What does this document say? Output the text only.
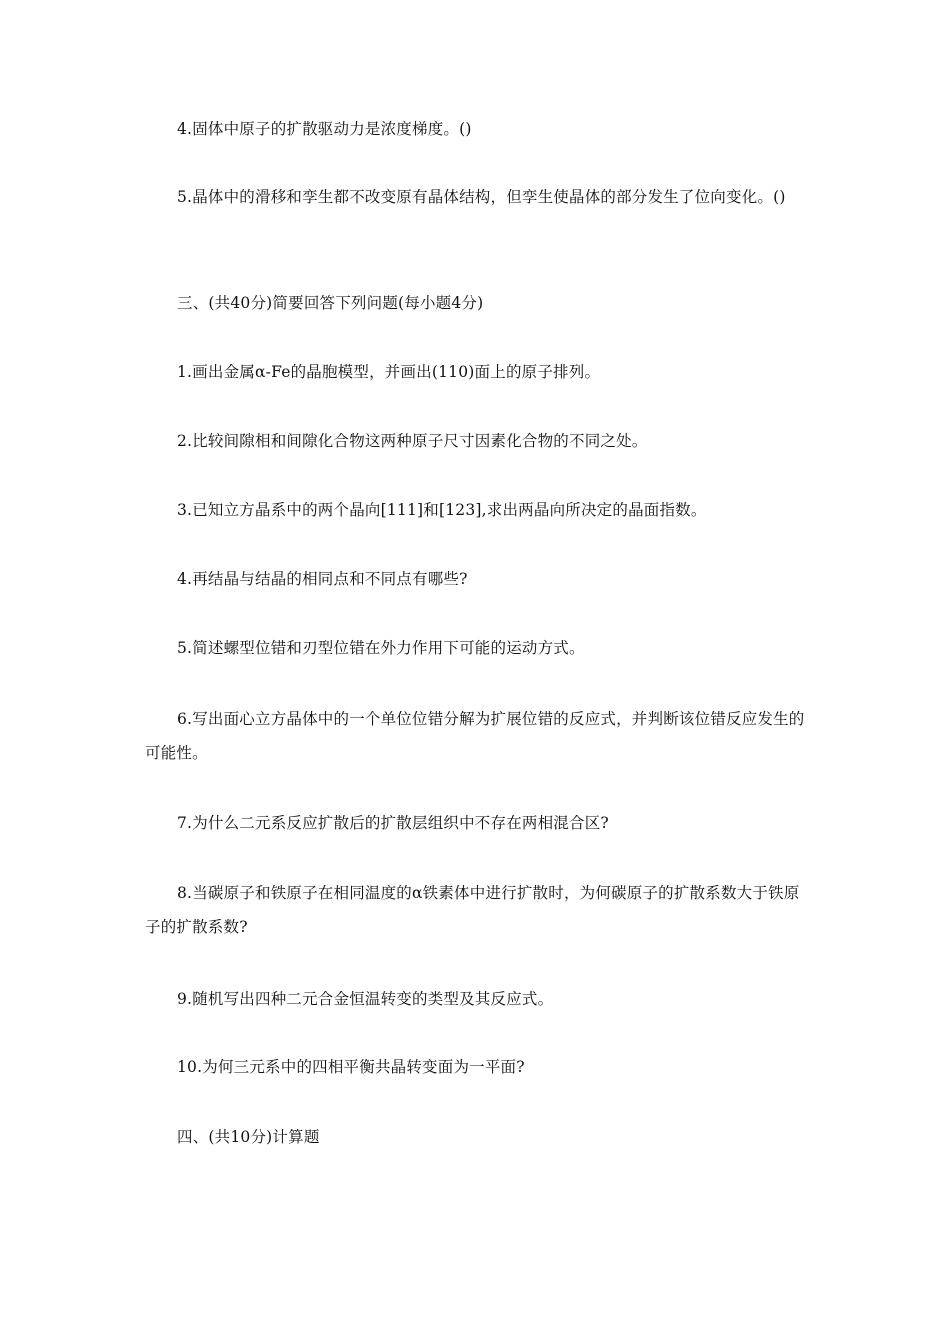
4.固体中原子的扩散驱动力是浓度梯度。()

5.晶体中的滑移和孪生都不改变原有晶体结构，但孪生使晶体的部分发生了位向变化。()

三、(共40分)简要回答下列问题(每小题4分)

1.画出金属α-Fe的晶胞模型，并画出(110)面上的原子排列。

2.比较间隙相和间隙化合物这两种原子尺寸因素化合物的不同之处。

3.已知立方晶系中的两个晶向[111]和[123],求出两晶向所决定的晶面指数。

4.再结晶与结晶的相同点和不同点有哪些?

5.简述螺型位错和刃型位错在外力作用下可能的运动方式。

6.写出面心立方晶体中的一个单位位错分解为扩展位错的反应式，并判断该位错反应发生的可能性。

7.为什么二元系反应扩散后的扩散层组织中不存在两相混合区?

8.当碳原子和铁原子在相同温度的α铁素体中进行扩散时，为何碳原子的扩散系数大于铁原子的扩散系数?

9.随机写出四种二元合金恒温转变的类型及其反应式。

10.为何三元系中的四相平衡共晶转变面为一平面?

四、(共10分)计算题
